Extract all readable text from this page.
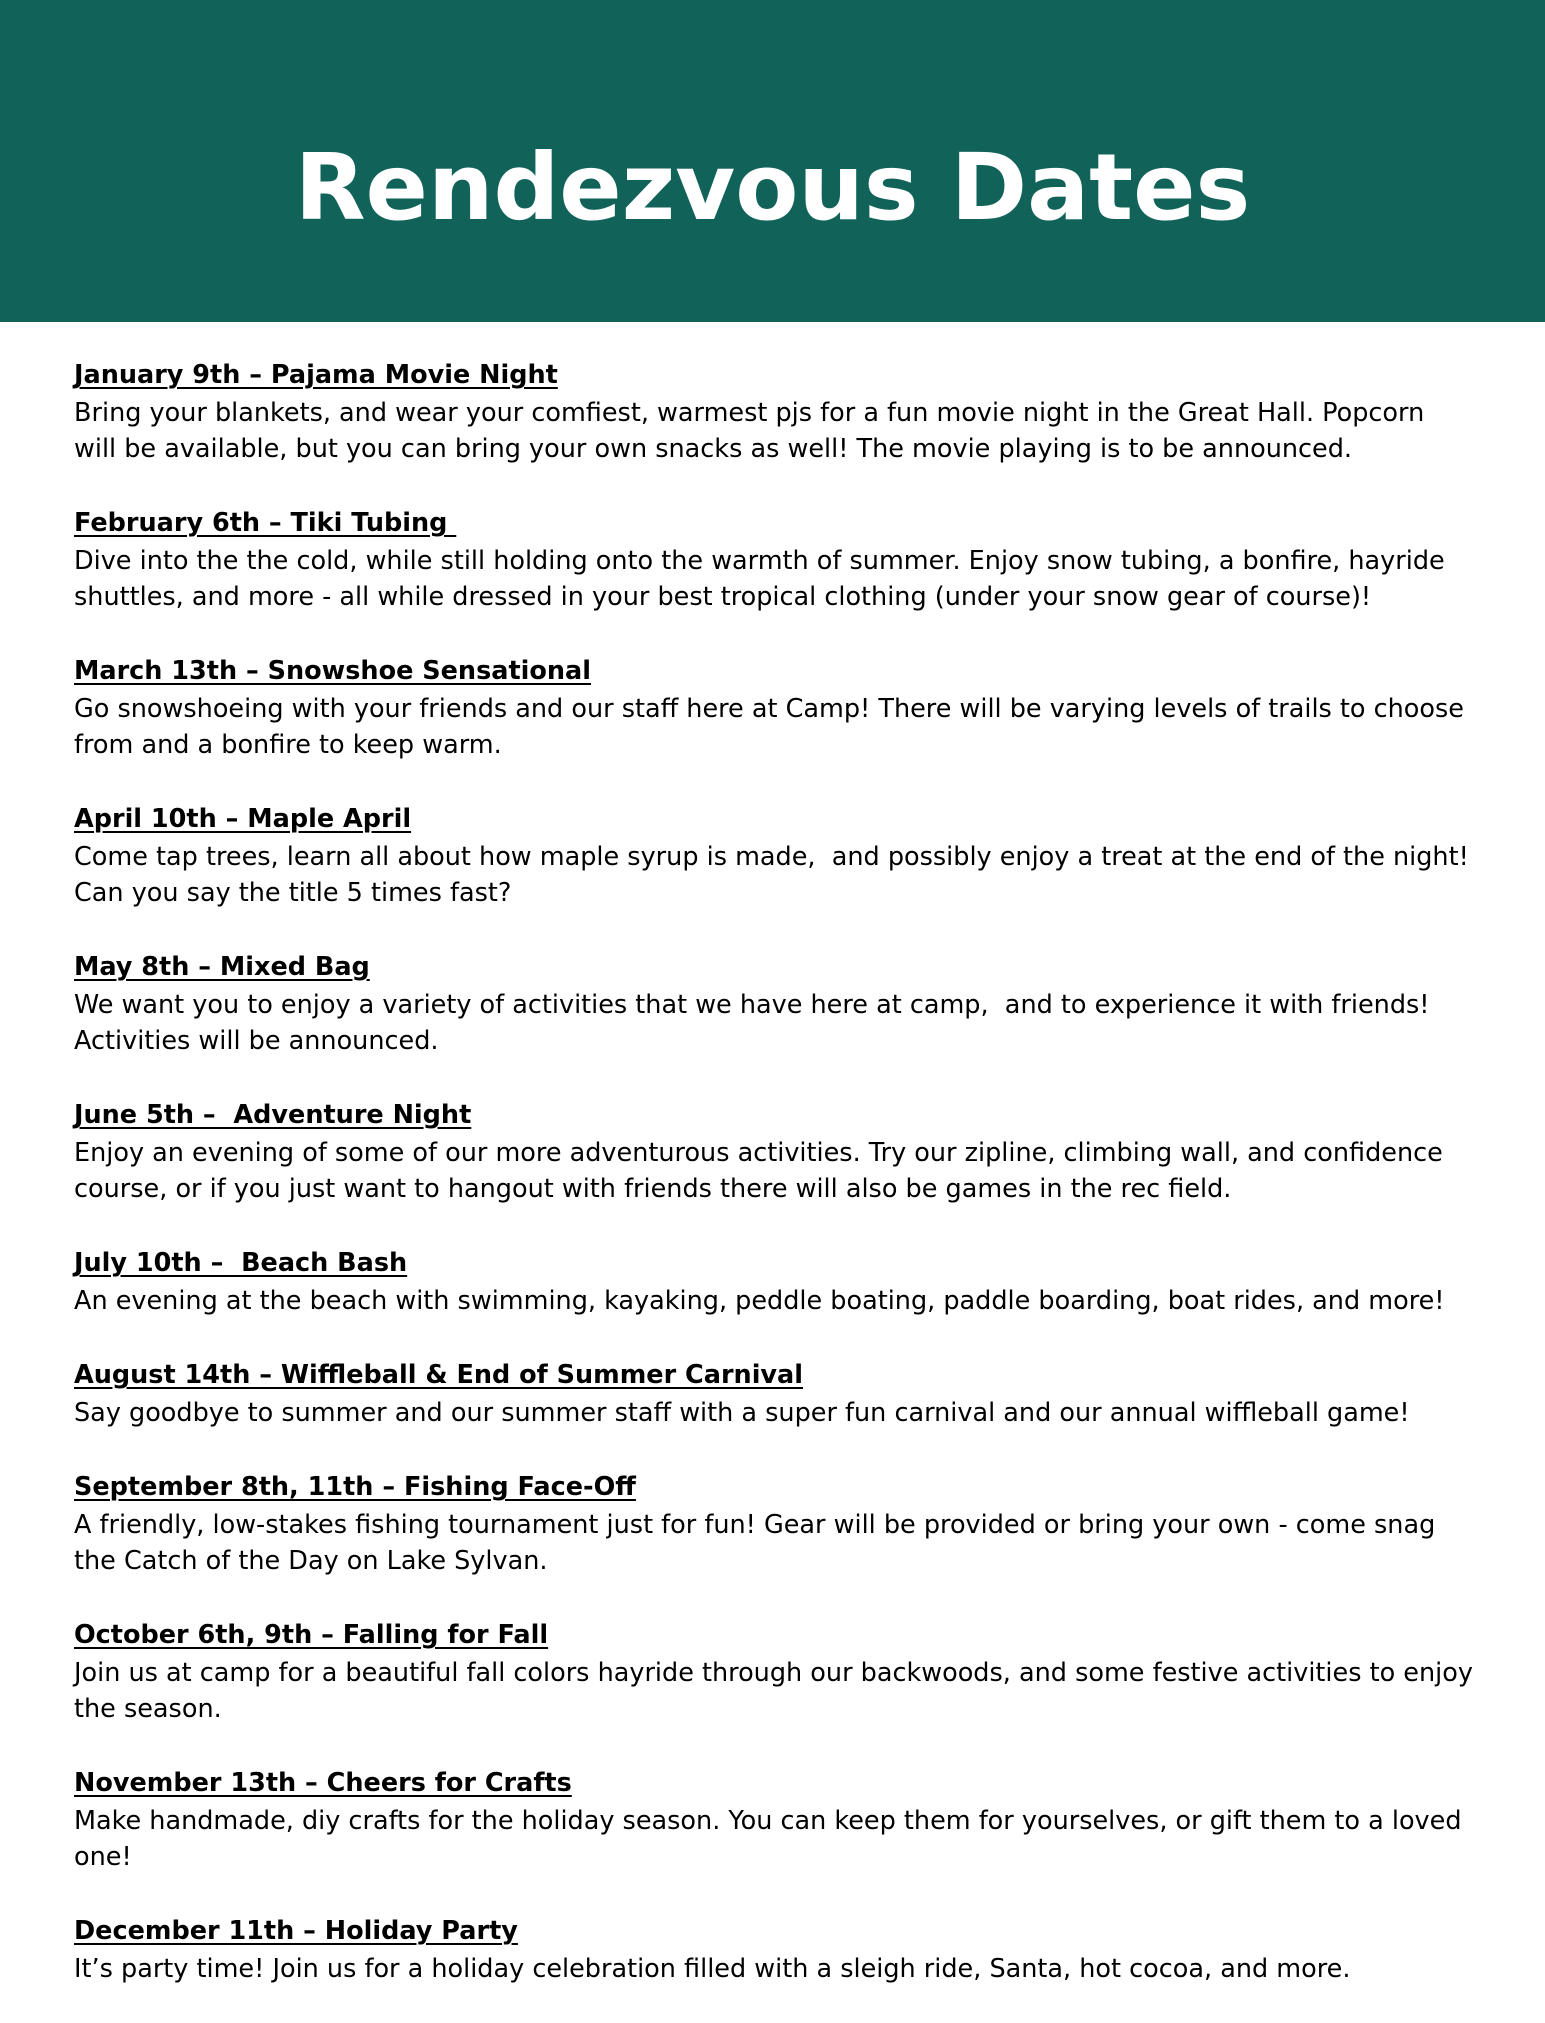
Rendezvous Dates

January 9th – Pajama Movie Night

Bring your blankets, and wear your comfiest, warmest pjs for a fun movie night in the Great Hall. Popcorn will be available, but you can bring your own snacks as well! The movie playing is to be announced.

February 6th – Tiki Tubing

Dive into the the cold, while still holding onto the warmth of summer. Enjoy snow tubing, a bonfire, hayride shuttles, and more - all while dressed in your best tropical clothing (under your snow gear of course)!

March 13th – Snowshoe Sensational

Go snowshoeing with your friends and our staff here at Camp! There will be varying levels of trails to choose from and a bonfire to keep warm.

April 10th – Maple April

Come tap trees, learn all about how maple syrup is made,  and possibly enjoy a treat at the end of the night! Can you say the title 5 times fast?

May 8th – Mixed Bag

We want you to enjoy a variety of activities that we have here at camp,  and to experience it with friends! Activities will be announced.

June 5th –  Adventure Night

Enjoy an evening of some of our more adventurous activities. Try our zipline, climbing wall, and confidence course, or if you just want to hangout with friends there will also be games in the rec field.

July 10th –  Beach Bash

An evening at the beach with swimming, kayaking, peddle boating, paddle boarding, boat rides, and more!

August 14th – Wiffleball & End of Summer Carnival

Say goodbye to summer and our summer staff with a super fun carnival and our annual wiffleball game!

September 8th, 11th – Fishing Face-Off

A friendly, low-stakes fishing tournament just for fun! Gear will be provided or bring your own - come snag the Catch of the Day on Lake Sylvan.

October 6th, 9th – Falling for Fall

Join us at camp for a beautiful fall colors hayride through our backwoods, and some festive activities to enjoy the season.

November 13th – Cheers for Crafts

Make handmade, diy crafts for the holiday season. You can keep them for yourselves, or gift them to a loved one!

December 11th – Holiday Party

It’s party time! Join us for a holiday celebration filled with a sleigh ride, Santa, hot cocoa, and more.
